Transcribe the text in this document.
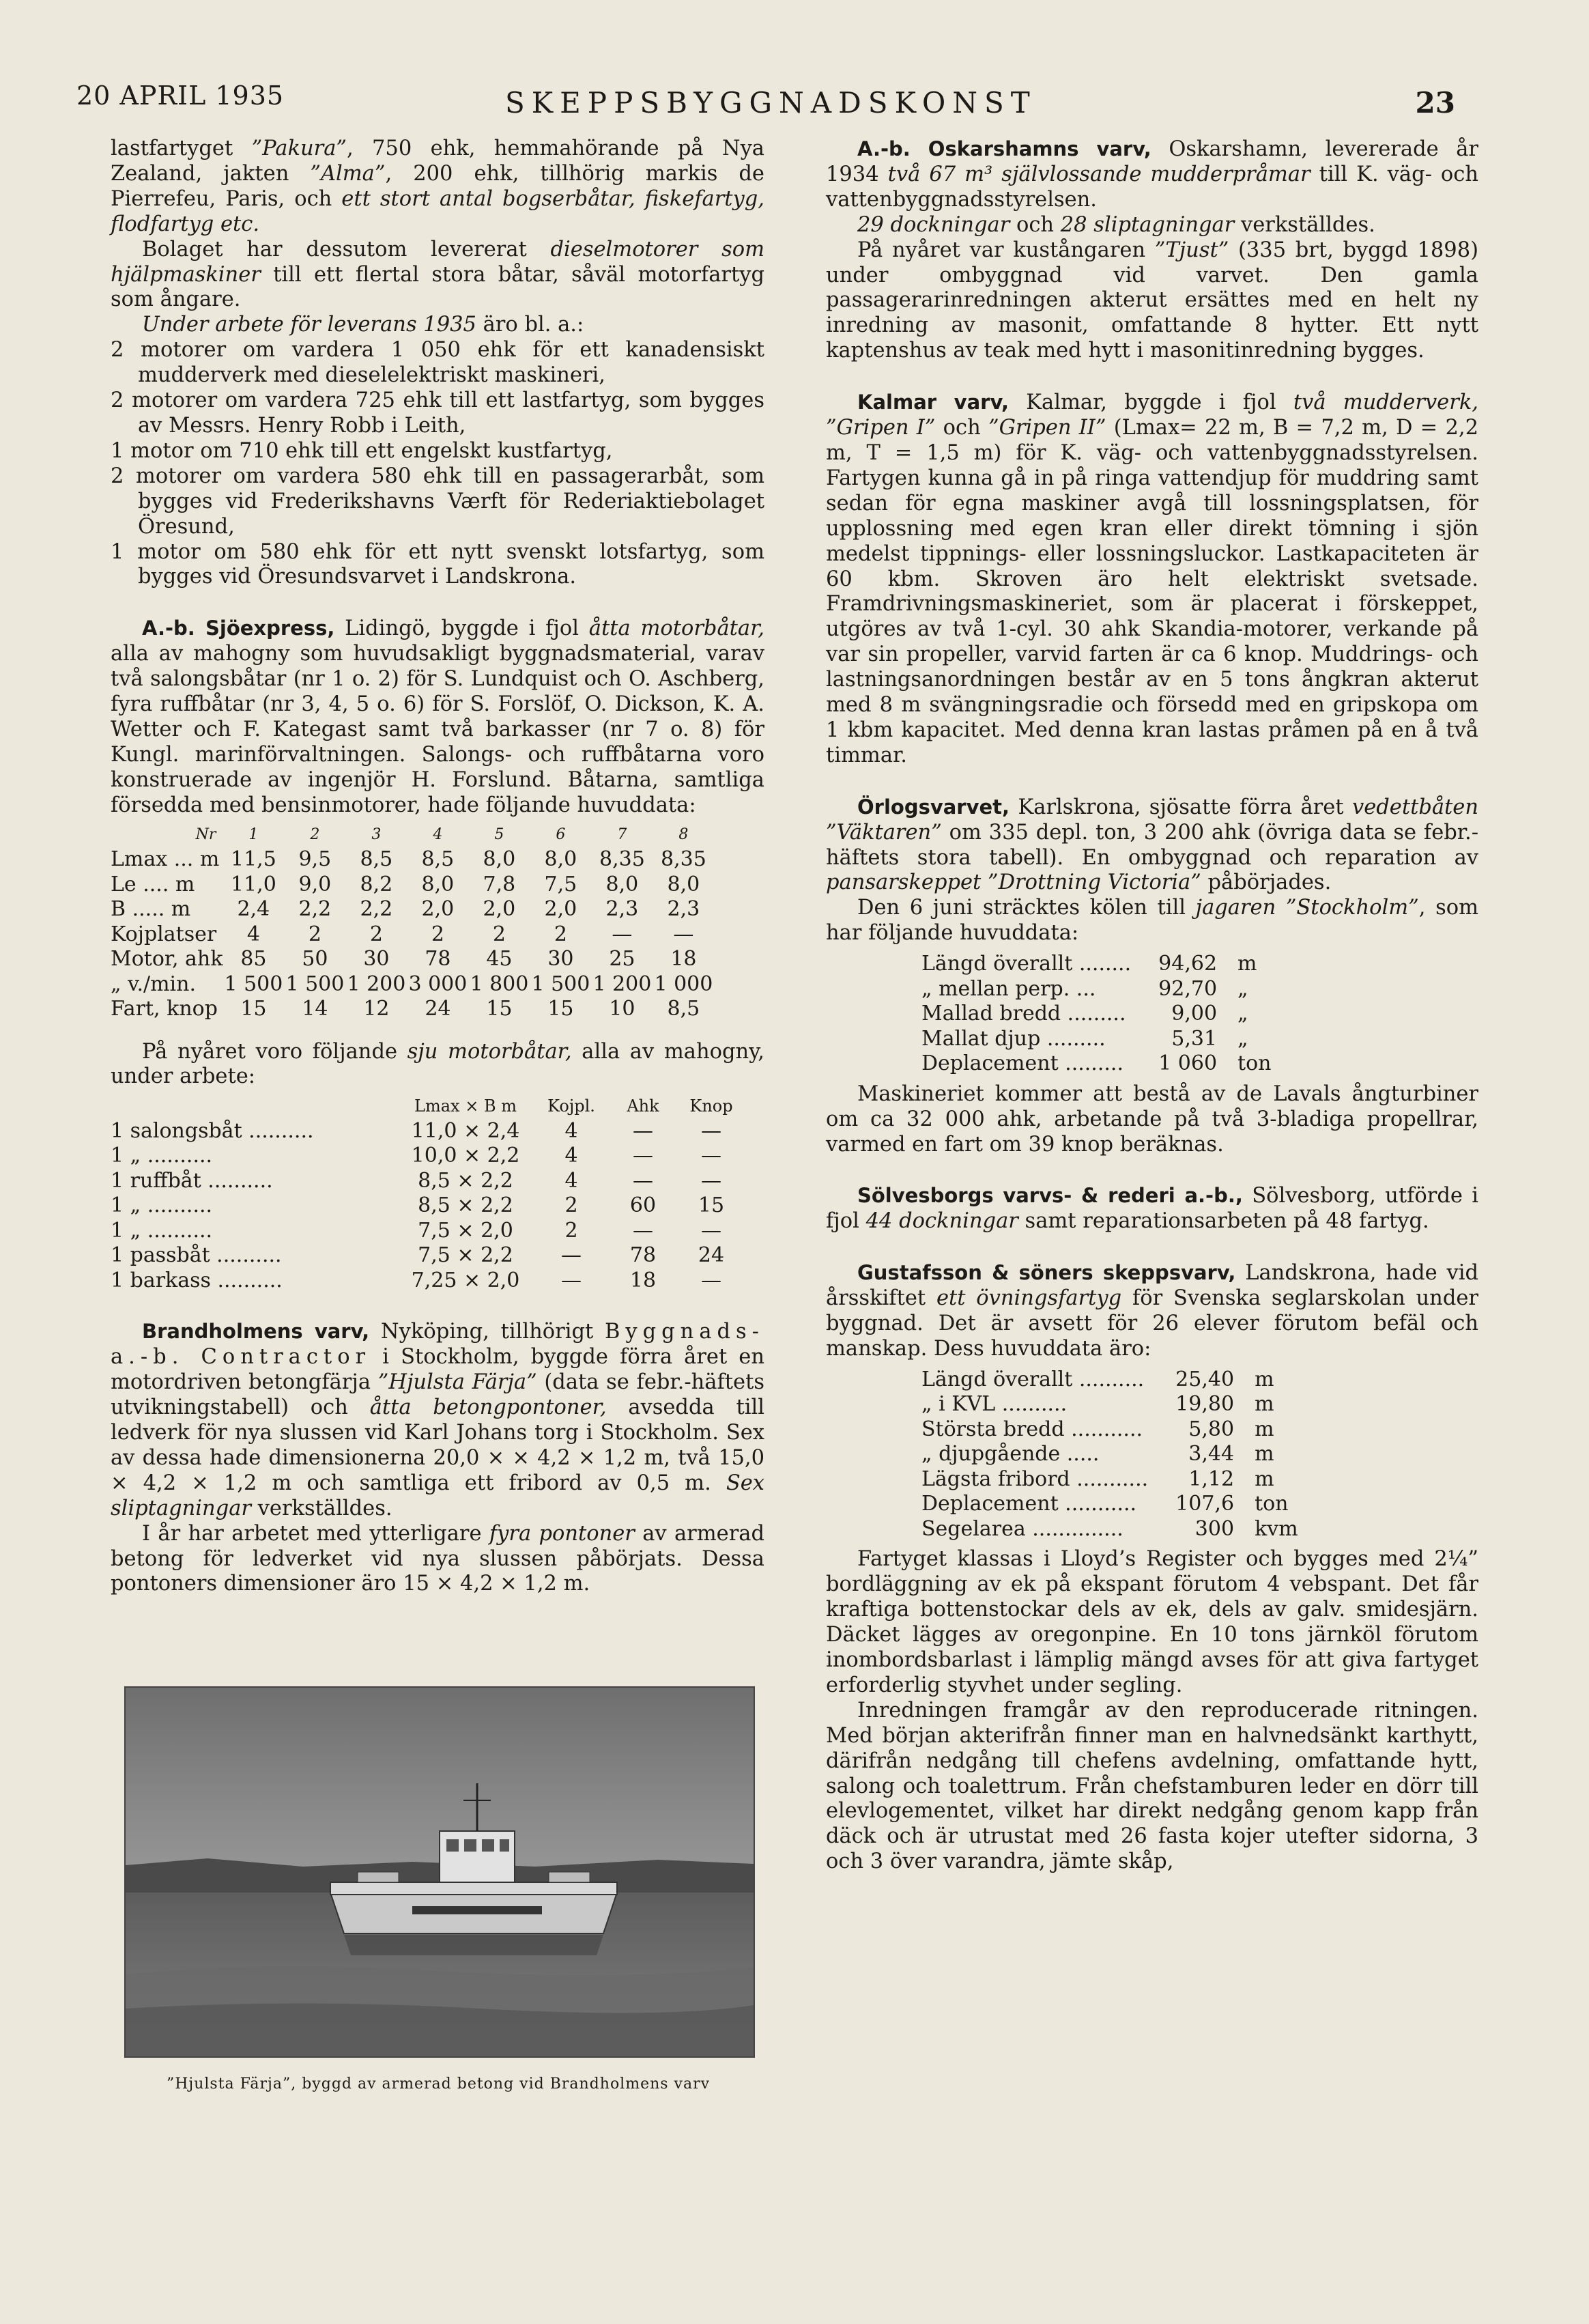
20 APRIL 1935	SKEPPSBYGGNADSKONST	23

lastfartyget ”Pakura”, 750 ehk, hemmahörande på Nya Zealand, jakten ”Alma”, 200 ehk, tillhörig markis de Pierrefeu, Paris, och ett stort antal bogserbåtar, fiskefartyg, flodfartyg etc.

Bolaget har dessutom levererat dieselmotorer som hjälpmaskiner till ett flertal stora båtar, såväl motorfartyg som ångare.

Under arbete för leverans 1935 äro bl. a.:

2 motorer om vardera 1 050 ehk för ett kanadensiskt mudderverk med dieselelektriskt maskineri,
2 motorer om vardera 725 ehk till ett lastfartyg, som bygges av Messrs. Henry Robb i Leith,
1 motor om 710 ehk till ett engelskt kustfartyg,
2 motorer om vardera 580 ehk till en passagerarbåt, som bygges vid Frederikshavns Værft för Rederiaktiebolaget Öresund,
1 motor om 580 ehk för ett nytt svenskt lotsfartyg, som bygges vid Öresundsvarvet i Landskrona.

A.-b. Sjöexpress, Lidingö, byggde i fjol åtta motorbåtar, alla av mahogny som huvudsakligt byggnadsmaterial, varav två salongsbåtar (nr 1 o. 2) för S. Lundquist och O. Aschberg, fyra ruffbåtar (nr 3, 4, 5 o. 6) för S. Forslöf, O. Dickson, K. A. Wetter och F. Kategast samt två barkasser (nr 7 o. 8) för Kungl. marinförvaltningen. Salongs- och ruffbåtarna voro konstruerade av ingenjör H. Forslund. Båtarna, samtliga försedda med bensinmotorer, hade följande huvuddata:

Nr	1	2	3	4	5	6	7	8
Lmax ... m	11,5	9,5	8,5	8,5	8,0	8,0	8,35	8,35
Le .... m	11,0	9,0	8,2	8,0	7,8	7,5	8,0	8,0
B ..... m	2,4	2,2	2,2	2,0	2,0	2,0	2,3	2,3
Kojplatser	4	2	2	2	2	2	—	—
Motor, ahk	85	50	30	78	45	30	25	18
„ v./min.	1 500	1 500	1 200	3 000	1 800	1 500	1 200	1 000
Fart, knop	15	14	12	24	15	15	10	8,5

På nyåret voro följande sju motorbåtar, alla av mahogny, under arbete:

	Lmax × B m	Kojpl.	Ahk	Knop
1 salongsbåt ..........	11,0 × 2,4	4	—	—
1 „ ..........	10,0 × 2,2	4	—	—
1 ruffbåt ..........	8,5 × 2,2	4	—	—
1 „ ..........	8,5 × 2,2	2	60	15
1 „ ..........	7,5 × 2,0	2	—	—
1 passbåt ..........	7,5 × 2,2	—	78	24
1 barkass ..........	7,25 × 2,0	—	18	—

Brandholmens varv, Nyköping, tillhörigt Byggnads-a.-b. Contractor i Stockholm, byggde förra året en motordriven betongfärja ”Hjulsta Färja” (data se febr.-häftets utvikningstabell) och åtta betongpontoner, avsedda till ledverk för nya slussen vid Karl Johans torg i Stockholm. Sex av dessa hade dimensionerna 20,0 × × 4,2 × 1,2 m, två 15,0 × 4,2 × 1,2 m och samtliga ett fribord av 0,5 m. Sex sliptagningar verkställdes.

I år har arbetet med ytterligare fyra pontoner av armerad betong för ledverket vid nya slussen påbörjats. Dessa pontoners dimensioner äro 15 × 4,2 × 1,2 m.

”Hjulsta Färja”, byggd av armerad betong vid Brandholmens varv

A.-b. Oskarshamns varv, Oskarshamn, levererade år 1934 två 67 m³ självlossande mudderpråmar till K. väg- och vattenbyggnadsstyrelsen.

29 dockningar och 28 sliptagningar verkställdes.

På nyåret var kustångaren ”Tjust” (335 brt, byggd 1898) under ombyggnad vid varvet. Den gamla passagerarinredningen akterut ersättes med en helt ny inredning av masonit, omfattande 8 hytter. Ett nytt kaptenshus av teak med hytt i masonitinredning bygges.

Kalmar varv, Kalmar, byggde i fjol två mudderverk, ”Gripen I” och ”Gripen II” (Lmax= 22 m, B = 7,2 m, D = 2,2 m, T = 1,5 m) för K. väg- och vattenbyggnadsstyrelsen. Fartygen kunna gå in på ringa vattendjup för muddring samt sedan för egna maskiner avgå till lossningsplatsen, för upplossning med egen kran eller direkt tömning i sjön medelst tippnings- eller lossningsluckor. Lastkapaciteten är 60 kbm. Skroven äro helt elektriskt svetsade. Framdrivningsmaskineriet, som är placerat i förskeppet, utgöres av två 1-cyl. 30 ahk Skandia-motorer, verkande på var sin propeller, varvid farten är ca 6 knop. Muddrings- och lastningsanordningen består av en 5 tons ångkran akterut med 8 m svängningsradie och försedd med en gripskopa om 1 kbm kapacitet. Med denna kran lastas pråmen på en å två timmar.

Örlogsvarvet, Karlskrona, sjösatte förra året vedettbåten ”Väktaren” om 335 depl. ton, 3 200 ahk (övriga data se febr.-häftets stora tabell). En ombyggnad och reparation av pansarskeppet ”Drottning Victoria” påbörjades.

Den 6 juni sträcktes kölen till jagaren ”Stockholm”, som har följande huvuddata:

Längd överallt ........	94,62	m
„ mellan perp. ...	92,70	„
Mallad bredd .........	9,00	„
Mallat djup .........	5,31	„
Deplacement .........	1 060	ton

Maskineriet kommer att bestå av de Lavals ångturbiner om ca 32 000 ahk, arbetande på två 3-bladiga propellrar, varmed en fart om 39 knop beräknas.

Sölvesborgs varvs- & rederi a.-b., Sölvesborg, utförde i fjol 44 dockningar samt reparationsarbeten på 48 fartyg.

Gustafsson & söners skeppsvarv, Landskrona, hade vid årsskiftet ett övningsfartyg för Svenska seglarskolan under byggnad. Det är avsett för 26 elever förutom befäl och manskap. Dess huvuddata äro:

Längd överallt ..........	25,40	m
„ i KVL ..........	19,80	m
Största bredd ...........	5,80	m
„ djupgående .....	3,44	m
Lägsta fribord ...........	1,12	m
Deplacement ...........	107,6	ton
Segelarea ..............	300	kvm

Fartyget klassas i Lloyd’s Register och bygges med 2¼” bordläggning av ek på ekspant förutom 4 vebspant. Det får kraftiga bottenstockar dels av ek, dels av galv. smidesjärn. Däcket lägges av oregonpine. En 10 tons järnköl förutom inombordsbarlast i lämplig mängd avses för att giva fartyget erforderlig styvhet under segling.

Inredningen framgår av den reproducerade ritningen. Med början akterifrån finner man en halvnedsänkt karthytt, därifrån nedgång till chefens avdelning, omfattande hytt, salong och toalettrum. Från chefstamburen leder en dörr till elevlogementet, vilket har direkt nedgång genom kapp från däck och är utrustat med 26 fasta kojer utefter sidorna, 3 och 3 över varandra, jämte skåp,
